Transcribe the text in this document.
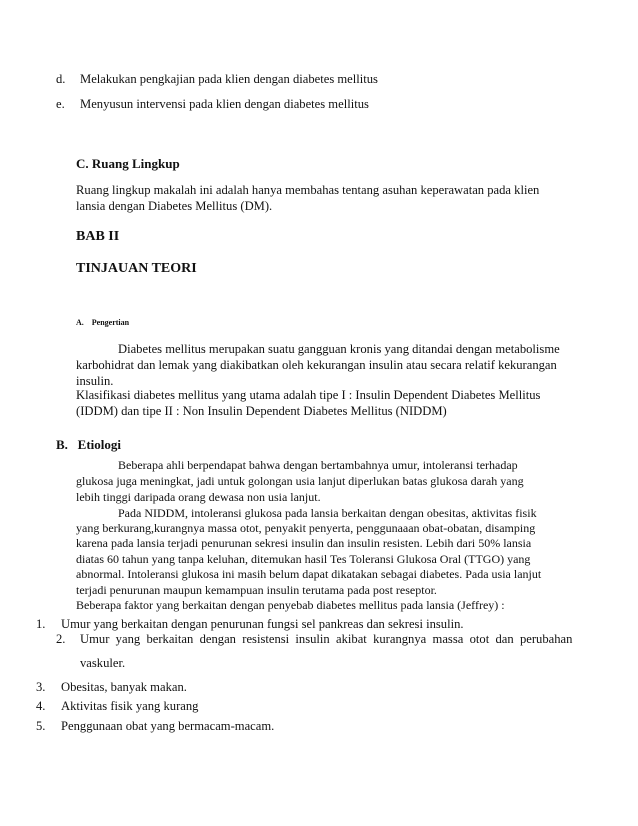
d. Melakukan pengkajian pada klien dengan diabetes mellitus
e. Menyusun intervensi pada klien dengan diabetes mellitus
C. Ruang Lingkup
Ruang lingkup makalah ini adalah hanya membahas tentang asuhan keperawatan pada klien
lansia dengan Diabetes Mellitus (DM).
BAB II
TINJAUAN TEORI
A.    Pengertian
Diabetes mellitus merupakan suatu gangguan kronis yang ditandai dengan metabolisme
karbohidrat dan lemak yang diakibatkan oleh kekurangan insulin atau secara relatif kekurangan
insulin.
Klasifikasi diabetes mellitus yang utama adalah tipe I : Insulin Dependent Diabetes Mellitus
(IDDM) dan tipe II : Non Insulin Dependent Diabetes Mellitus (NIDDM)
B.   Etiologi
Beberapa ahli berpendapat bahwa dengan bertambahnya umur, intoleransi terhadap
glukosa juga meningkat, jadi untuk golongan usia lanjut diperlukan batas glukosa darah yang
lebih tinggi daripada orang dewasa non usia lanjut.
Pada NIDDM, intoleransi glukosa pada lansia berkaitan dengan obesitas, aktivitas fisik
yang berkurang,kurangnya massa otot, penyakit penyerta, penggunaaan obat-obatan, disamping
karena pada lansia terjadi penurunan sekresi insulin dan insulin resisten. Lebih dari 50% lansia
diatas 60 tahun yang tanpa keluhan, ditemukan hasil Tes Toleransi Glukosa Oral (TTGO) yang
abnormal. Intoleransi glukosa ini masih belum dapat dikatakan sebagai diabetes. Pada usia lanjut
terjadi penurunan maupun kemampuan insulin terutama pada post reseptor.
Beberapa faktor yang berkaitan dengan penyebab diabetes mellitus pada lansia (Jeffrey) :
1. Umur yang berkaitan dengan penurunan fungsi sel pankreas dan sekresi insulin.
2. Umur  yang  berkaitan  dengan  resistensi  insulin  akibat  kurangnya  massa  otot  dan  perubahan
vaskuler.
3. Obesitas, banyak makan.
4. Aktivitas fisik yang kurang
5. Penggunaan obat yang bermacam-macam.
